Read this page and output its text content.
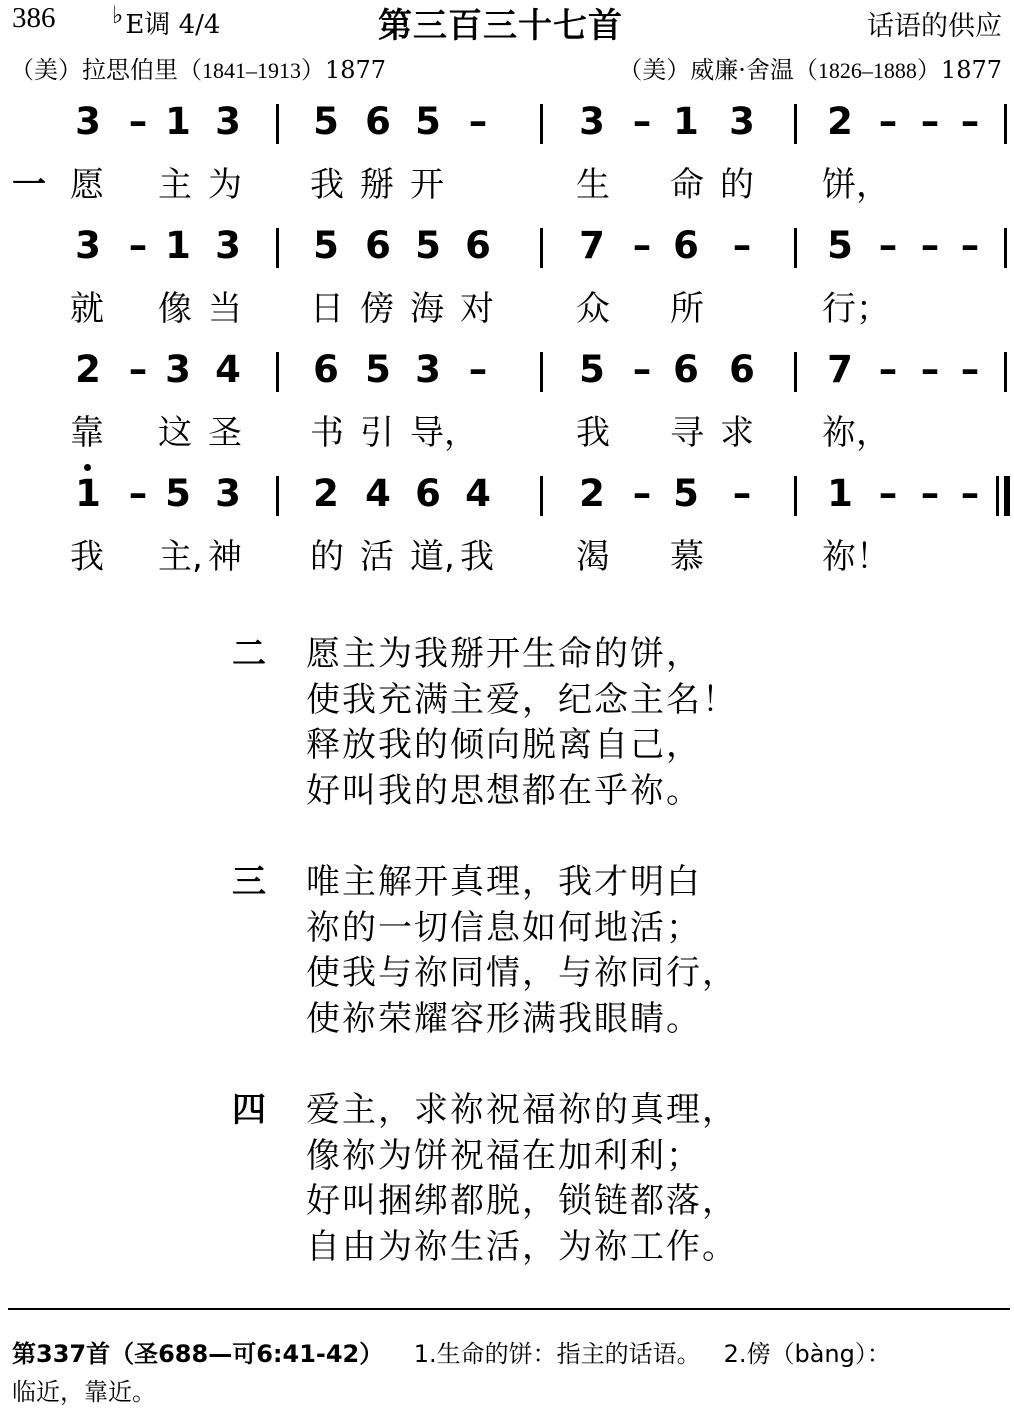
386 ♭E调 4/4	第三百三十七首	话语的供应
（美）拉思伯里（1841–1913）1877	（美）威廉·舍温（1826–1888）1877
3 – 1 3 5 6 5 – 3 – 1 3 2 – – –
愿 主 为 我 掰 开	生 命 的 饼，
3 – 1 3 5 6 5 6 7 – 6 – 5 – – –
就 像 当 日 傍 海 对 众 所	行；
2 – 3 4 6 5 3 – 5 – 6 6 7 – – –
靠 这 圣 书 引 导，	我 寻 求 祢，
1 – 5 3 2 4 6 4 2 – 5 – 1 – – –
我 主, 神 的 活 道, 我 渴 慕	祢！
一
二 愿主为我掰开生命的饼，
使我充满主爱，纪念主名！
释放我的倾向脱离自己，
好叫我的思想都在乎祢。
三 唯主解开真理，我才明白
祢的一切信息如何地活；
使我与祢同情，与祢同行，
使祢荣耀容形满我眼睛。
四 爱主，求祢祝福祢的真理，
像祢为饼祝福在加利利；
好叫捆绑都脱，锁链都落，
自由为祢生活，为祢工作。
第337首（圣688—可6:41-42） 1.生命的饼：指主的话语。 2.傍（bàng）：
临近，靠近。
